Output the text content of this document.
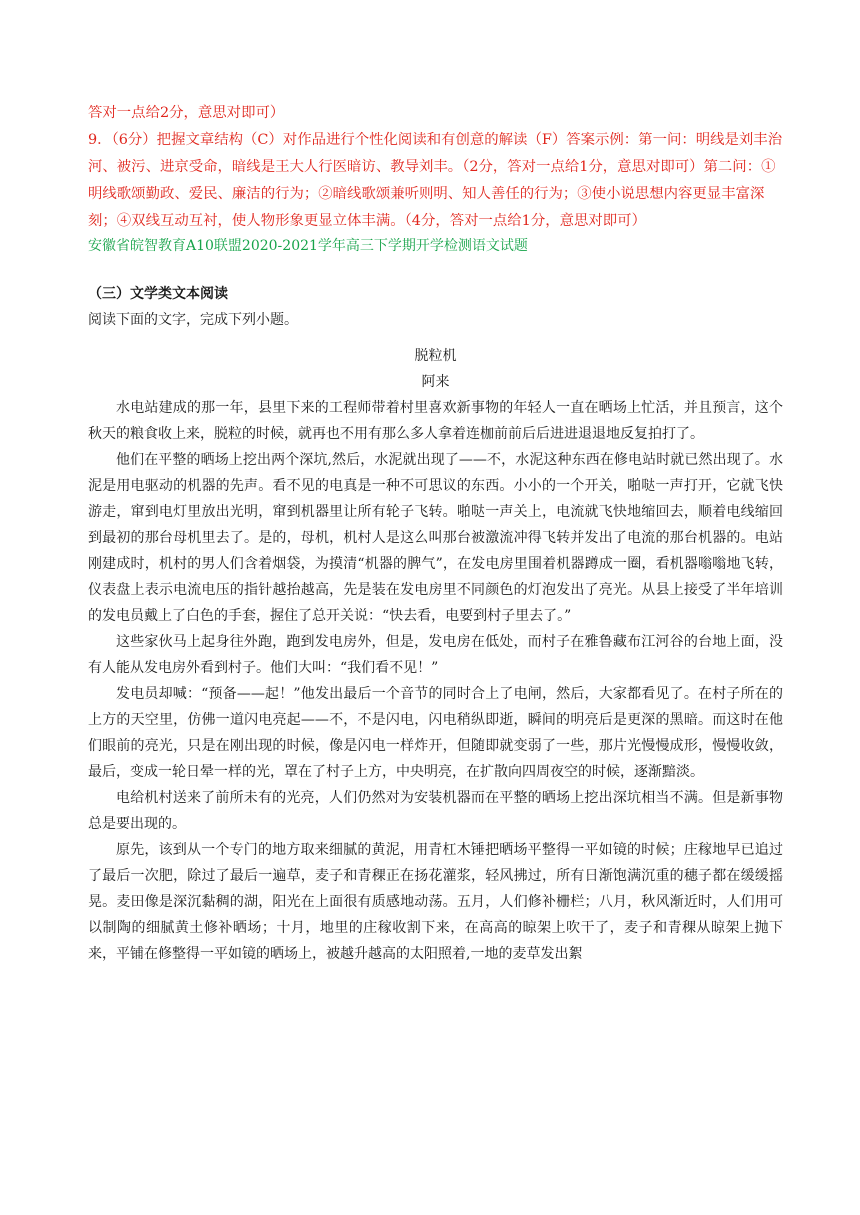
答对一点给2分，意思对即可）

9．（6分）把握文章结构（C）对作品进行个性化阅读和有创意的解读（F）答案示例：第一问：明线是刘丰治河、被污、进京受命，暗线是王大人行医暗访、教导刘丰。（2分，答对一点给1分，意思对即可）第二问：①明线歌颂勤政、爱民、廉洁的行为；②暗线歌颂兼听则明、知人善任的行为；③使小说思想内容更显丰富深刻；④双线互动互衬，使人物形象更显立体丰满。（4分，答对一点给1分，意思对即可）

安徽省皖智教育A10联盟2020-2021学年高三下学期开学检测语文试题
（三）文学类文本阅读
阅读下面的文字，完成下列小题。
脱粒机
阿来

水电站建成的那一年，县里下来的工程师带着村里喜欢新事物的年轻人一直在晒场上忙活，并且预言，这个秋天的粮食收上来，脱粒的时候，就再也不用有那么多人拿着连枷前前后后进进退退地反复拍打了。

他们在平整的晒场上挖出两个深坑,然后，水泥就出现了——不，水泥这种东西在修电站时就已然出现了。水泥是用电驱动的机器的先声。看不见的电真是一种不可思议的东西。小小的一个开关，啪哒一声打开，它就飞快游走，窜到电灯里放出光明，窜到机器里让所有轮子飞转。啪哒一声关上，电流就飞快地缩回去，顺着电线缩回到最初的那台母机里去了。是的，母机，机村人是这么叫那台被激流冲得飞转并发出了电流的那台机器的。电站刚建成时，机村的男人们含着烟袋，为摸清“机器的脾气”，在发电房里围着机器蹲成一圈，看机器嗡嗡地飞转，仪表盘上表示电流电压的指针越抬越高，先是装在发电房里不同颜色的灯泡发出了亮光。从县上接受了半年培训的发电员戴上了白色的手套，握住了总开关说：“快去看，电要到村子里去了。”

这些家伙马上起身往外跑，跑到发电房外，但是，发电房在低处，而村子在雅鲁藏布江河谷的台地上面，没有人能从发电房外看到村子。他们大叫：“我们看不见！”

发电员却喊：“预备——起！”他发出最后一个音节的同时合上了电闸，然后，大家都看见了。在村子所在的上方的天空里，仿佛一道闪电亮起——不，不是闪电，闪电稍纵即逝，瞬间的明亮后是更深的黑暗。而这时在他们眼前的亮光，只是在刚出现的时候，像是闪电一样炸开，但随即就变弱了一些，那片光慢慢成形，慢慢收敛，最后，变成一轮日晕一样的光，罩在了村子上方，中央明亮，在扩散向四周夜空的时候，逐渐黯淡。

电给机村送来了前所未有的光亮，人们仍然对为安装机器而在平整的晒场上挖出深坑相当不满。但是新事物总是要出现的。

原先，该到从一个专门的地方取来细腻的黄泥，用青杠木锤把晒场平整得一平如镜的时候；庄稼地早已追过了最后一次肥，除过了最后一遍草，麦子和青稞正在扬花灌浆，轻风拂过，所有日渐饱满沉重的穗子都在缓缓摇晃。麦田像是深沉黏稠的湖，阳光在上面很有质感地动荡。五月，人们修补栅栏；八月，秋风渐近时，人们用可以制陶的细腻黄土修补晒场；十月，地里的庄稼收割下来，在高高的晾架上吹干了，麦子和青稞从晾架上抛下来，平铺在修整得一平如镜的晒场上，被越升越高的太阳照着,一地的麦草发出絮
